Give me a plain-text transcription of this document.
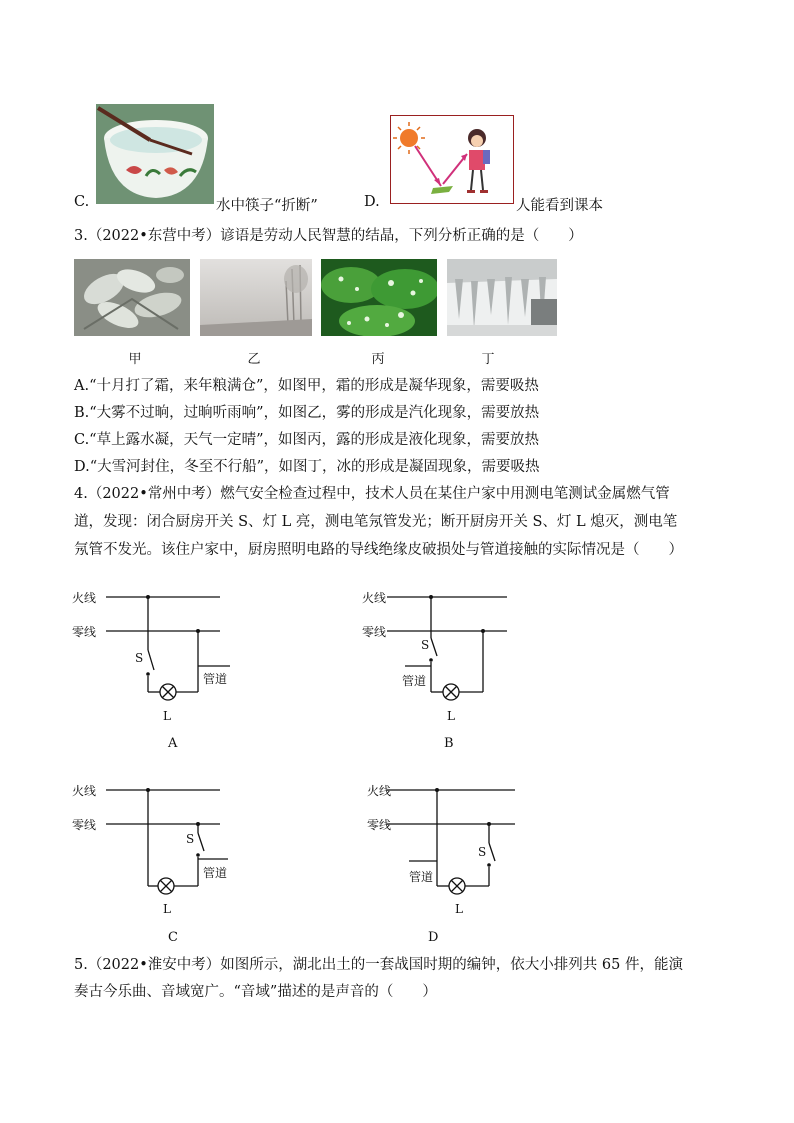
C.	水中筷子“折断”	D.	人能看到课本
3.（2022•东营中考）谚语是劳动人民智慧的结晶，下列分析正确的是（　　）
甲	乙	丙	丁
A.“十月打了霜，来年粮满仓”，如图甲，霜的形成是凝华现象，需要吸热
B.“大雾不过晌，过晌听雨响”，如图乙，雾的形成是汽化现象，需要放热
C.“草上露水凝，天气一定晴”，如图丙，露的形成是液化现象，需要放热
D.“大雪河封住，冬至不行船”，如图丁，冰的形成是凝固现象，需要吸热
4.（2022•常州中考）燃气安全检查过程中，技术人员在某住户家中用测电笔测试金属燃气管
道，发现：闭合厨房开关 S、灯 L 亮，测电笔氖管发光；断开厨房开关 S、灯 L 熄灭，测电笔
氖管不发光。该住户家中，厨房照明电路的导线绝缘皮破损处与管道接触的实际情况是（　　）
火线
零线
S
管道
L
A
火线
零线
S
管道
L
B
火线
零线
S
管道
L
C
火线
零线
S
管道
L
D
5.（2022•淮安中考）如图所示，湖北出土的一套战国时期的编钟，依大小排列共 65 件，能演
奏古今乐曲、音域宽广。“音域”描述的是声音的（　　）
